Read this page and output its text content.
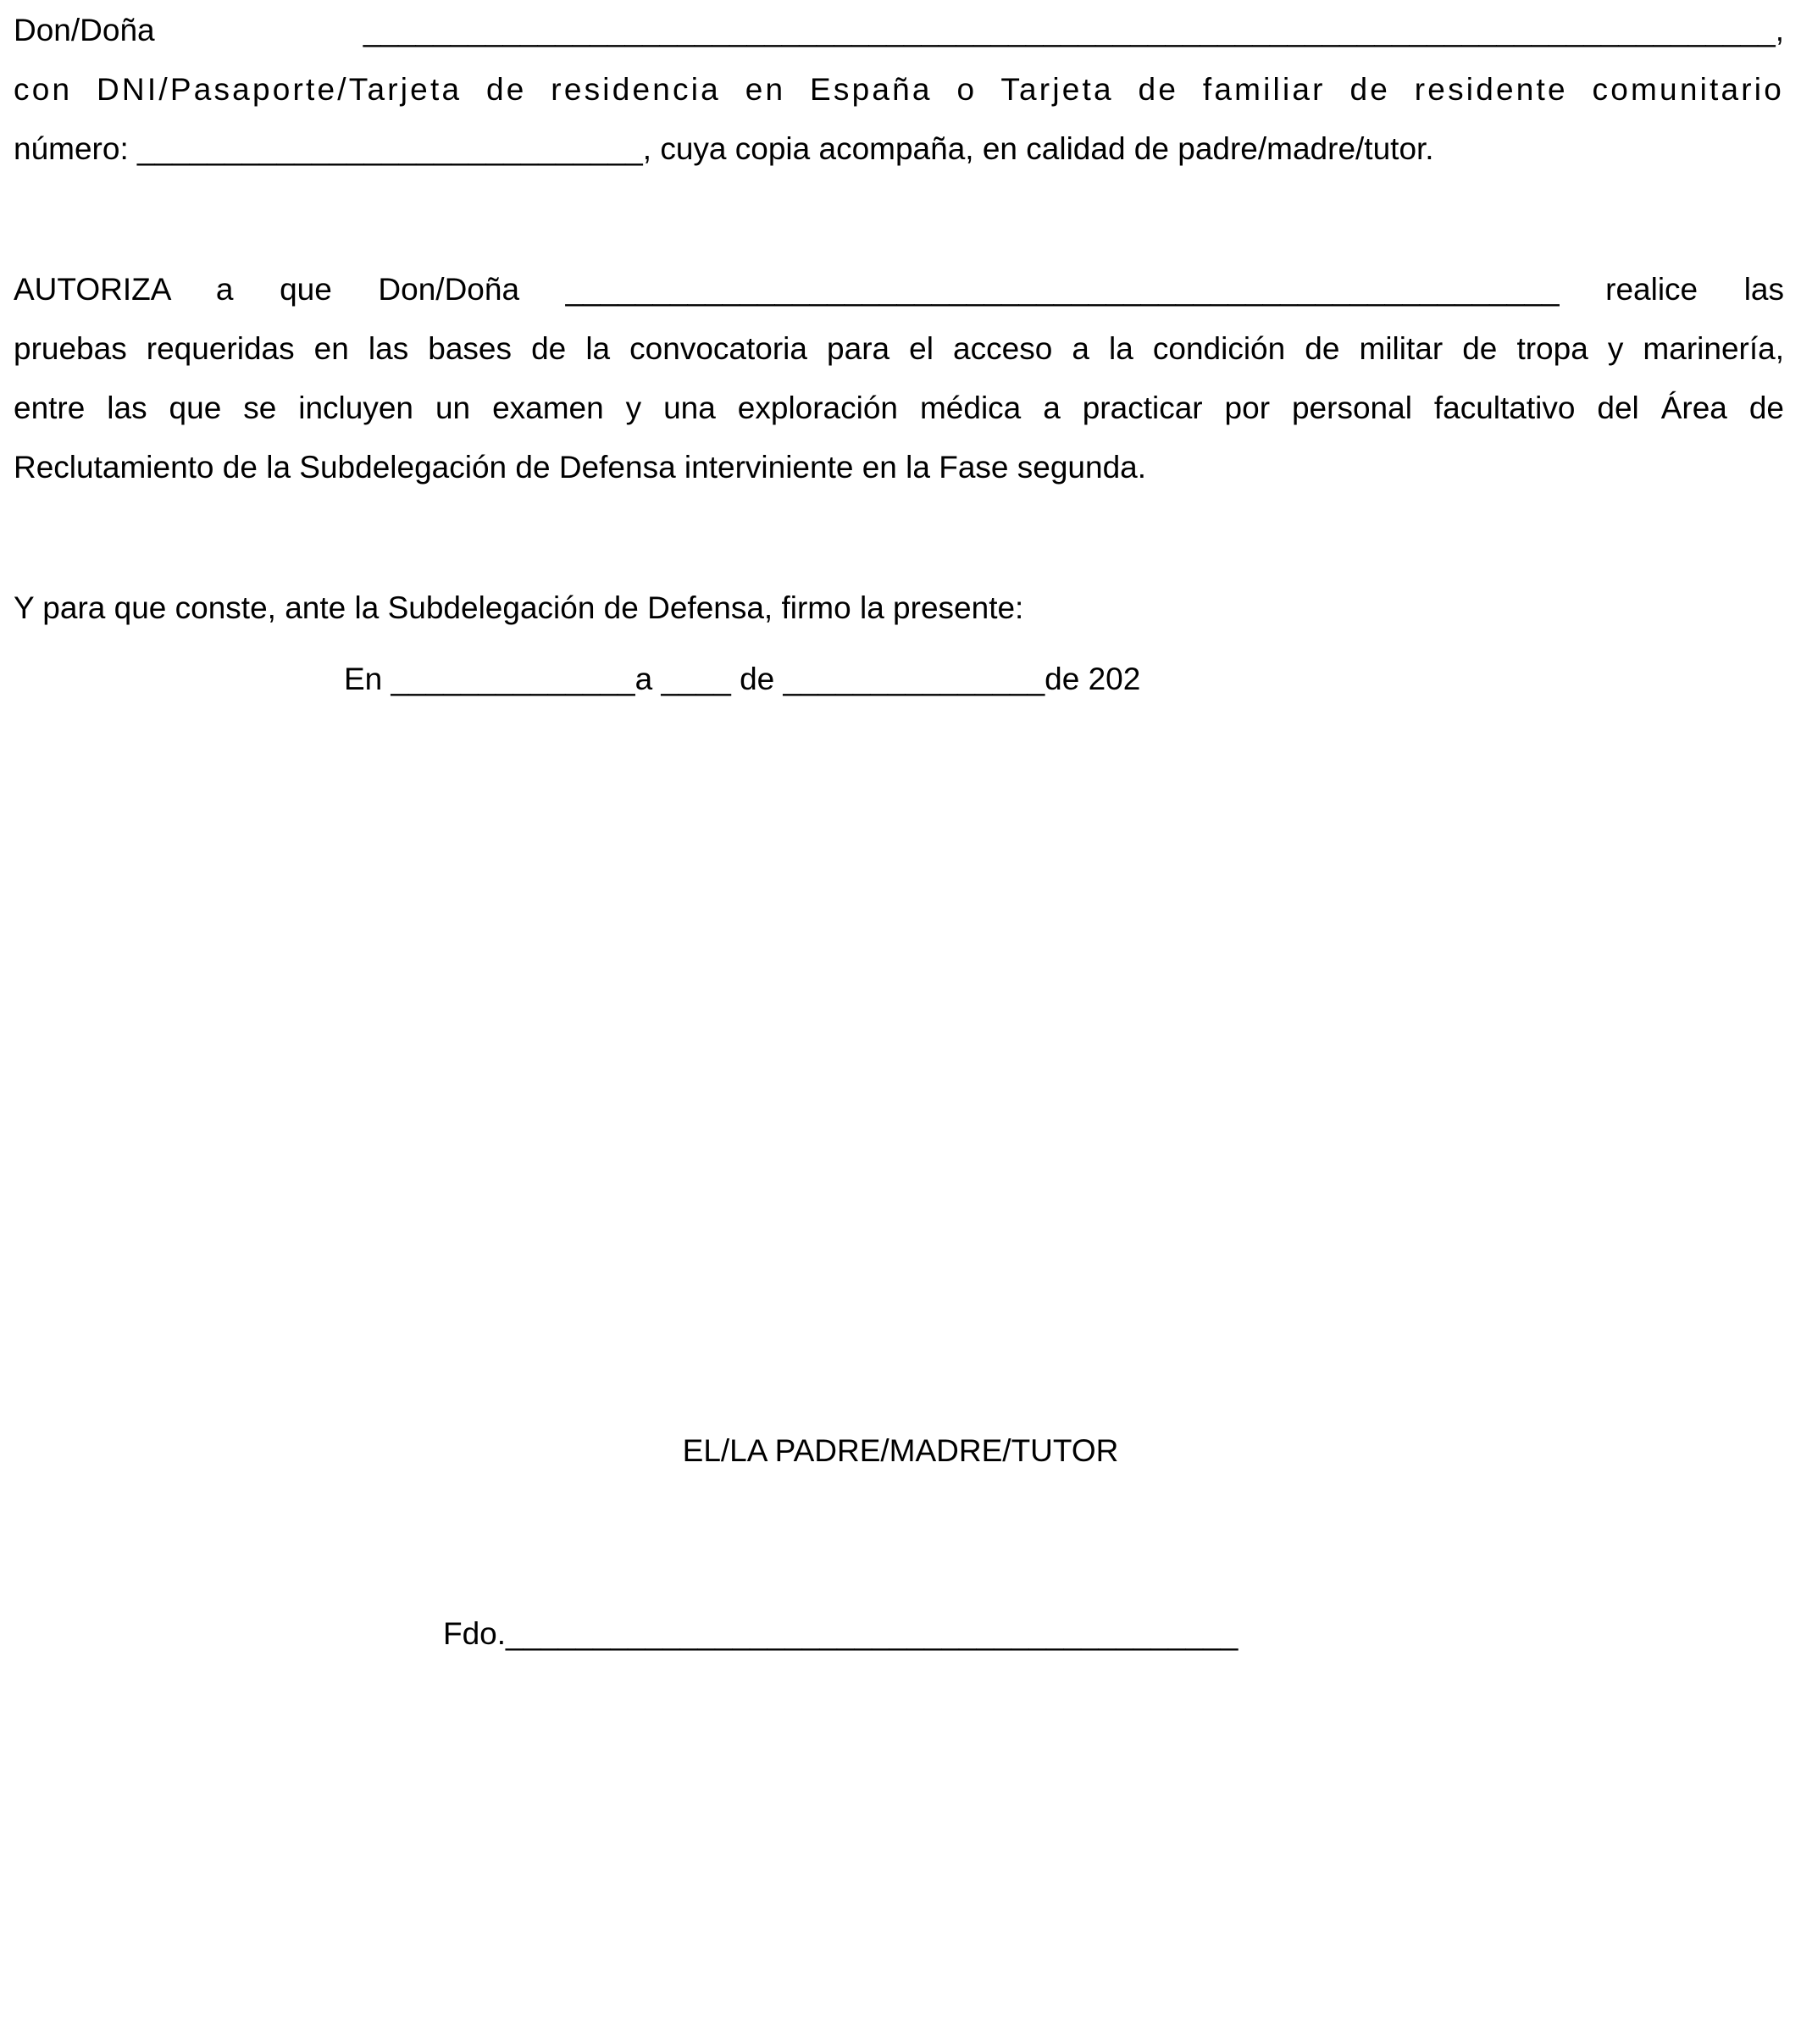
Don/Doña _________________________________________________________________________________,
con DNI/Pasaporte/Tarjeta de residencia en España o Tarjeta de familiar de residente comunitario
número: _____________________________, cuya copia acompaña, en calidad de padre/madre/tutor.
AUTORIZA a que Don/Doña _________________________________________________________ realice las
pruebas requeridas en las bases de la convocatoria para el acceso a la condición de militar de tropa y marinería,
entre las que se incluyen un examen y una exploración médica a practicar por personal facultativo del Área de
Reclutamiento de la Subdelegación de Defensa interviniente en la Fase segunda.
Y para que conste, ante la Subdelegación de Defensa, firmo la presente:
En ______________a ____ de _______________de 202
EL/LA PADRE/MADRE/TUTOR
Fdo.__________________________________________
